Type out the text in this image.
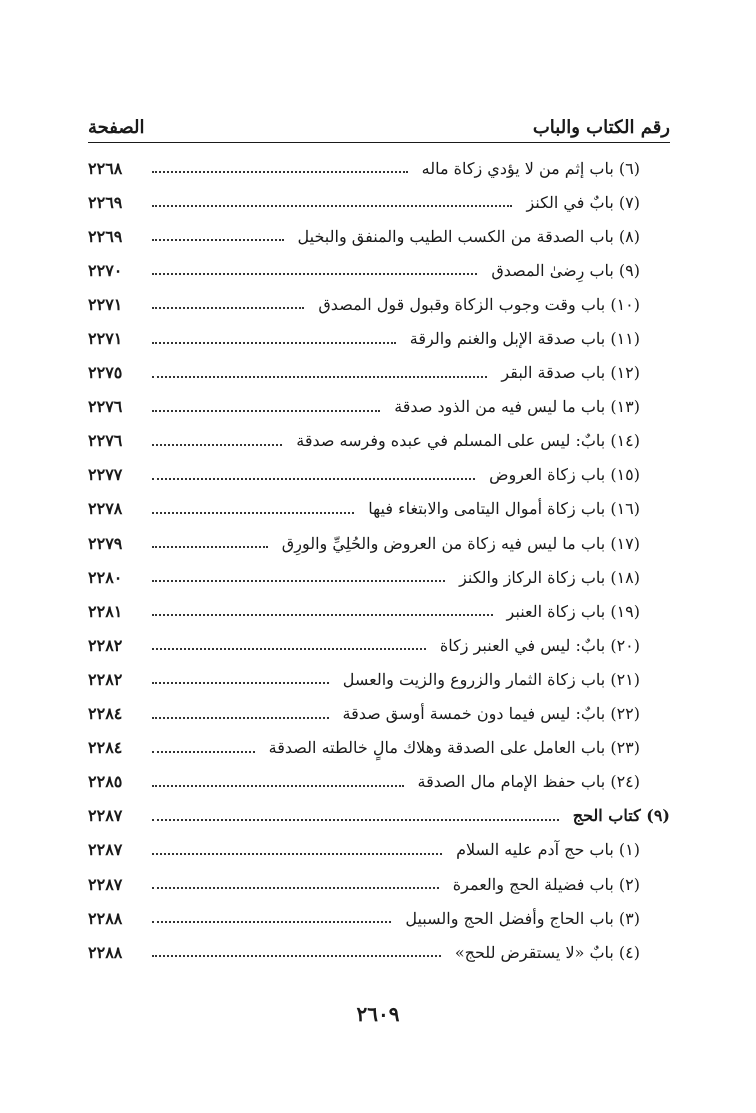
رقم الكتاب والباب
الصفحة
(٦) باب إثم من لا يؤدي زكاة ماله
٢٢٦٨
(٧) بابٌ في الكنز
٢٢٦٩
(٨) باب الصدقة من الكسب الطيب والمنفق والبخيل
٢٢٦٩
(٩) باب رِضىٰ المصدق
٢٢٧٠
(١٠) باب وقت وجوب الزكاة وقبول قول المصدق
٢٢٧١
(١١) باب صدقة الإبل والغنم والرقة
٢٢٧١
(١٢) باب صدقة البقر
٢٢٧٥
(١٣) باب ما ليس فيه من الذود صدقة
٢٢٧٦
(١٤) بابٌ: ليس على المسلم في عبده وفرسه صدقة
٢٢٧٦
(١٥) باب زكاة العروض
٢٢٧٧
(١٦) باب زكاة أموال اليتامى والابتغاء فيها
٢٢٧٨
(١٧) باب ما ليس فيه زكاة من العروض والحُلِيِّ والورِق
٢٢٧٩
(١٨) باب زكاة الركاز والكنز
٢٢٨٠
(١٩) باب زكاة العنبر
٢٢٨١
(٢٠) بابٌ: ليس في العنبر زكاة
٢٢٨٢
(٢١) باب زكاة الثمار والزروع والزيت والعسل
٢٢٨٢
(٢٢) بابٌ: ليس فيما دون خمسة أوسق صدقة
٢٢٨٤
(٢٣) باب العامل على الصدقة وهلاك مالٍ خالطته الصدقة
٢٢٨٤
(٢٤) باب حفظ الإمام مال الصدقة
٢٢٨٥
(٩) كتاب الحج
٢٢٨٧
(١) باب حج آدم عليه السلام
٢٢٨٧
(٢) باب فضيلة الحج والعمرة
٢٢٨٧
(٣) باب الحاج وأفضل الحج والسبيل
٢٢٨٨
(٤) بابٌ «لا يستقرض للحج»
٢٢٨٨
٢٦٠٩
